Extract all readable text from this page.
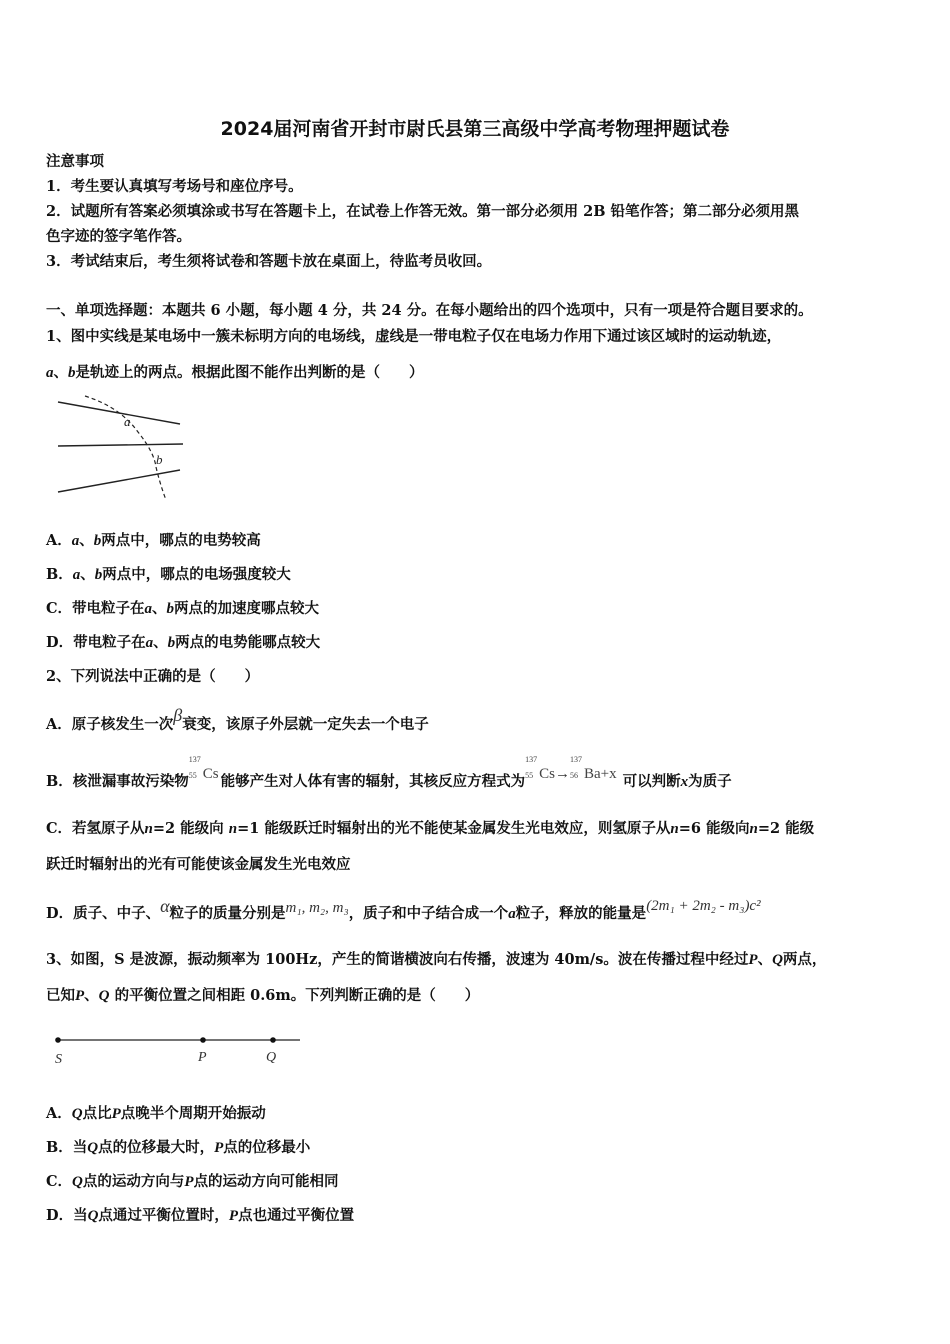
2024届河南省开封市尉氏县第三高级中学高考物理押题试卷
注意事项
1．考生要认真填写考场号和座位序号。
2．试题所有答案必须填涂或书写在答题卡上，在试卷上作答无效。第一部分必须用 2B 铅笔作答；第二部分必须用黑
色字迹的签字笔作答。
3．考试结束后，考生须将试卷和答题卡放在桌面上，待监考员收回。
一、单项选择题：本题共 6 小题，每小题 4 分，共 24 分。在每小题给出的四个选项中，只有一项是符合题目要求的。
1、图中实线是某电场中一簇未标明方向的电场线，虚线是一带电粒子仅在电场力作用下通过该区域时的运动轨迹，
a、b是轨迹上的两点。根据此图不能作出判断的是（　　）
a
b
A．a、b两点中，哪点的电势较高
B．a、b两点中，哪点的电场强度较大
C．带电粒子在a、b两点的加速度哪点较大
D．带电粒子在a、b两点的电势能哪点较大
2、下列说法中正确的是（　　）
A．原子核发生一次β衰变，该原子外层就一定失去一个电子
B．核泄漏事故污染物
137
55 Cs 能够产生对人体有害的辐射，其核反应方程式为
137
55 Cs→
137
56 Ba+x 可以判断x为质子
C．若氢原子从n=2 能级向 n=1 能级跃迁时辐射出的光不能使某金属发生光电效应，则氢原子从n=6 能级向n=2 能级
跃迁时辐射出的光有可能使该金属发生光电效应
D．质子、中子、α粒子的质量分别是m₁, m₂, m₃，质子和中子结合成一个a粒子，释放的能量是(2m₁ + 2m₂ - m₃)c²
3、如图，S 是波源，振动频率为 100Hz，产生的简谐横波向右传播，波速为 40m/s。波在传播过程中经过P、Q两点，
已知P、Q 的平衡位置之间相距 0.6m。下列判断正确的是（　　）
S	P	Q
A．Q点比P点晚半个周期开始振动
B．当Q点的位移最大时，P点的位移最小
C．Q点的运动方向与P点的运动方向可能相同
D．当Q点通过平衡位置时，P点也通过平衡位置
